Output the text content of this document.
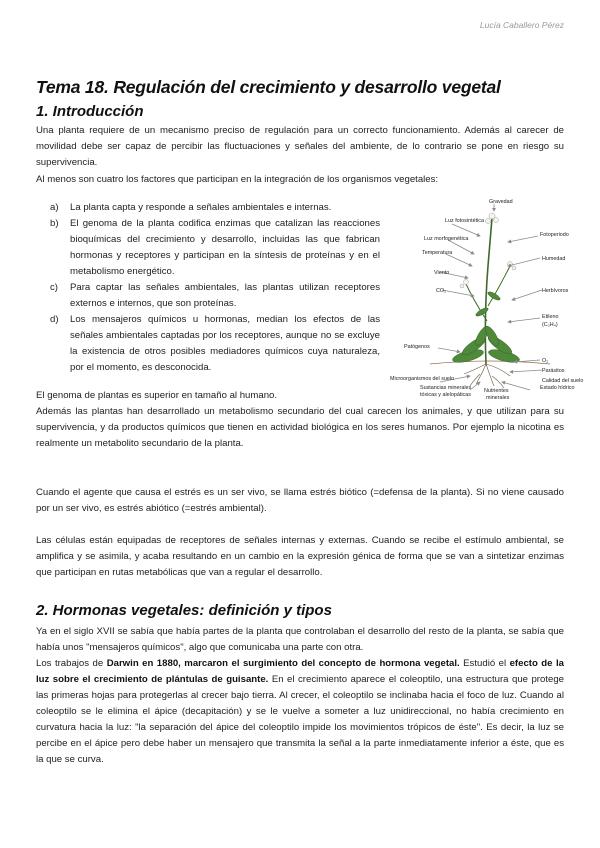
Lucía Caballero Pérez
Tema 18. Regulación del crecimiento y desarrollo vegetal
1. Introducción

Una planta requiere de un mecanismo preciso de regulación para un correcto funcionamiento. Además al carecer de movilidad debe ser capaz de percibir las fluctuaciones y señales del ambiente, de lo contrario se pone en riesgo su supervivencia.

Al menos son cuatro los factores que participan en la integración de los organismos vegetales:

a)	La planta capta y responde a señales ambientales e internas.
b)	El genoma de la planta codifica enzimas que catalizan las reacciones bioquímicas del crecimiento y desarrollo, incluidas las que fabrican hormonas y receptores y participan en la síntesis de proteínas y en el metabolismo energético.
c)	Para captar las señales ambientales, las plantas utilizan receptores externos e internos, que son proteínas.
d)	Los mensajeros químicos u hormonas, median los efectos de las señales ambientales captadas por los receptores, aunque no se excluye la existencia de otros posibles mediadores químicos cuya naturaleza, por el momento, es desconocida.
Gravedad
Luz fotosintética
Fotoperiodo
Luz morfogenética
Temperatura
Humedad
Viento
CO₂	Herbívoros
Etileno
(C₂H₄)
Patógenos
O₂
Parásitos
Microorganismos del suelo	Calidad del suelo
Estado hídrico
Sustancias minerales
tóxicas y alelopáticas
Nutrientes
minerales

El genoma de plantas es superior en tamaño al humano.

Además las plantas han desarrollado un metabolismo secundario del cual carecen los animales, y que utilizan para su supervivencia, y da productos químicos que tienen en actividad biológica en los seres humanos. Por ejemplo la nicotina es realmente un metabolito secundario de la planta.

Cuando el agente que causa el estrés es un ser vivo, se llama estrés biótico (=defensa de la planta). Si no viene causado por un ser vivo, es estrés abiótico (=estrés ambiental).

Las células están equipadas de receptores de señales internas y externas. Cuando se recibe el estímulo ambiental, se amplifica y se asimila, y acaba resultando en un cambio en la expresión génica de forma que se van a sintetizar enzimas que participan en rutas metabólicas que van a regular el desarrollo.

2. Hormonas vegetales: definición y tipos

Ya en el siglo XVII se sabía que había partes de la planta que controlaban el desarrollo del resto de la planta, se sabía que había unos "mensajeros químicos", algo que comunicaba una parte con otra.

Los trabajos de Darwin en 1880, marcaron el surgimiento del concepto de hormona vegetal. Estudió el efecto de la luz sobre el crecimiento de plántulas de guisante. En el crecimiento aparece el coleoptilo, una estructura que protege las primeras hojas para protegerlas al crecer bajo tierra. Al crecer, el coleoptilo se inclinaba hacia el foco de luz. Cuando al coleoptilo se le elimina el ápice (decapitación) y se le vuelve a someter a luz unidireccional, no había crecimiento en curvatura hacia la luz: "la separación del ápice del coleoptilo impide los movimientos trópicos de éste". Es decir, la luz se percibe en el ápice pero debe haber un mensajero que transmita la señal a la parte inmediatamente inferior a éste, que es la que se curva.
